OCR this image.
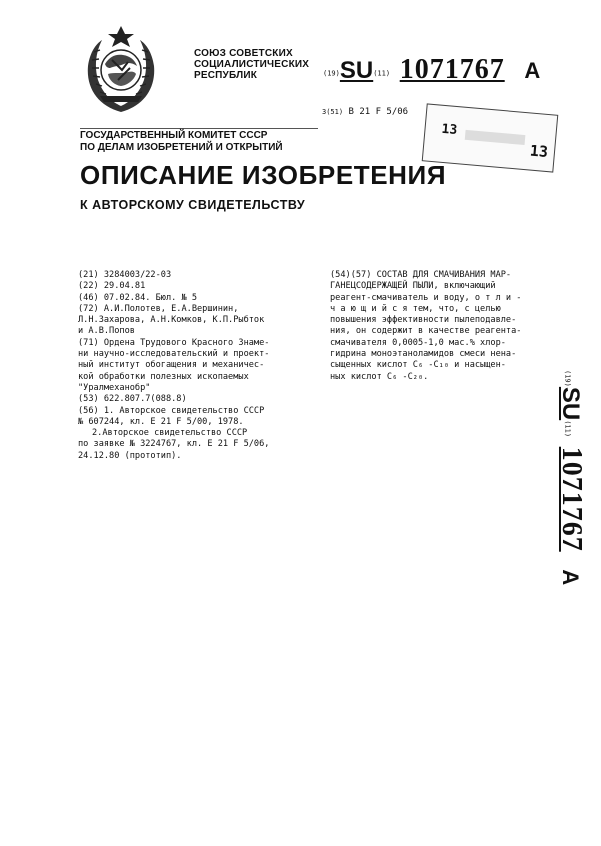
СОЮЗ СОВЕТСКИХ
СОЦИАЛИСТИЧЕСКИХ
РЕСПУБЛИК	(19)SU(11) 1071767 A
3(51) В 21 F 5/06
13
13
ГОСУДАРСТВЕННЫЙ КОМИТЕТ СССР
ПО ДЕЛАМ ИЗОБРЕТЕНИЙ И ОТКРЫТИЙ
ОПИСАНИЕ ИЗОБРЕТЕНИЯ
К АВТОРСКОМУ СВИДЕТЕЛЬСТВУ
(21) 3284003/22-03
(22) 29.04.81
(46) 07.02.84. Бюл. № 5
(72) А.И.Полотев, Е.А.Вершинин,
Л.Н.Захарова, А.Н.Комков, К.П.Рыбток
и А.В.Попов
(71) Ордена Трудового Красного Знаме-
ни научно-исследовательский и проект-
ный институт обогащения и механичес-
кой обработки полезных ископаемых
"Уралмеханобр"
(53) 622.807.7(088.8)
(56) 1. Авторское свидетельство СССР
№ 607244, кл. Е 21 F 5/00, 1978.
2.Авторское свидетельство СССР
по заявке № 3224767, кл. Е 21 F 5/06,
24.12.80 (прототип).
(54)(57) СОСТАВ ДЛЯ СМАЧИВАНИЯ МАР-
ГАНЕЦСОДЕРЖАЩЕЙ ПЫЛИ, включающий
реагент-смачиватель и воду, о т л и -
ч а ю щ и й с я тем, что, с целью
повышения эффективности пылеподавле-
ния, он содержит в качестве реагента-
смачивателя 0,0005-1,0 мас.% хлор-
гидрина моноэтаноламидов смеси нена-
сыщенных кислот C₆ -C₁₀ и насыщен-
ных кислот C₆ -C₂₀.	(19)SU(11) 1071767 A
